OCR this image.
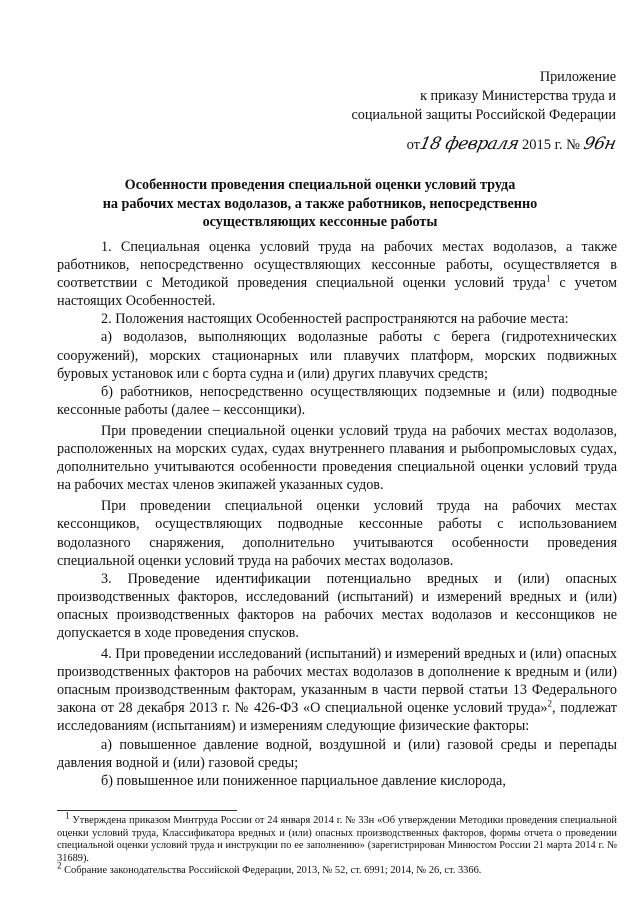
Приложение
к приказу Министерства труда и
социальной защиты Российской Федерации
от18 февраля 2015 г. № 96н
Особенности проведения специальной оценки условий труда
на рабочих местах водолазов, а также работников, непосредственно
осуществляющих кессонные работы

1. Специальная оценка условий труда на рабочих местах водолазов, а также работников, непосредственно осуществляющих кессонные работы, осуществляется в соответствии с Методикой проведения специальной оценки условий труда$^1$ с учетом настоящих Особенностей.

2. Положения настоящих Особенностей распространяются на рабочие места:

а) водолазов, выполняющих водолазные работы с берега (гидротехнических сооружений), морских стационарных или плавучих платформ, морских подвижных буровых установок или с борта судна и (или) других плавучих средств;

б) работников, непосредственно осуществляющих подземные и (или) подводные кессонные работы (далее – кессонщики).

При проведении специальной оценки условий труда на рабочих местах водолазов, расположенных на морских судах, судах внутреннего плавания и рыбопромысловых судах, дополнительно учитываются особенности проведения специальной оценки условий труда на рабочих местах членов экипажей указанных судов.

При проведении специальной оценки условий труда на рабочих местах кессонщиков, осуществляющих подводные кессонные работы с использованием водолазного снаряжения, дополнительно учитываются особенности проведения специальной оценки условий труда на рабочих местах водолазов.

3. Проведение идентификации потенциально вредных и (или) опасных производственных факторов, исследований (испытаний) и измерений вредных и (или) опасных производственных факторов на рабочих местах водолазов и кессонщиков не допускается в ходе проведения спусков.

4. При проведении исследований (испытаний) и измерений вредных и (или) опасных производственных факторов на рабочих местах водолазов в дополнение к вредным и (или) опасным производственным факторам, указанным в части первой статьи 13 Федерального закона от 28 декабря 2013 г. № 426-ФЗ «О специальной оценке условий труда»$^2$, подлежат исследованиям (испытаниям) и измерениям следующие физические факторы:

а) повышенное давление водной, воздушной и (или) газовой среды и перепады давления водной и (или) газовой среды;

б) повышенное или пониженное парциальное давление кислорода,

$^1$ Утверждена приказом Минтруда России от 24 января 2014 г. № 33н «Об утверждении Методики проведения специальной оценки условий труда, Классификатора вредных и (или) опасных производственных факторов, формы отчета о проведении специальной оценки условий труда и инструкции по ее заполнению» (зарегистрирован Минюстом России 21 марта 2014 г. № 31689).

$^2$ Собрание законодательства Российской Федерации, 2013, № 52, ст. 6991; 2014, № 26, ст. 3366.
